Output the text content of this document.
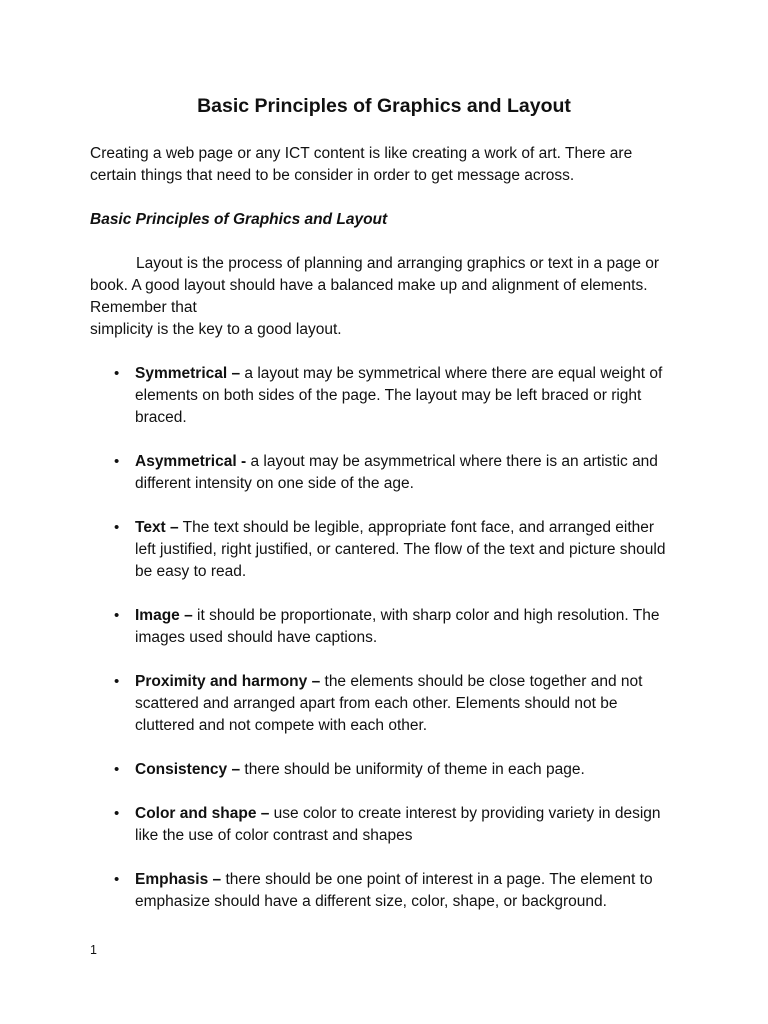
Basic Principles of Graphics and Layout

Creating a web page or any ICT content is like creating a work of art. There are certain things that need to be consider in order to get message across.

Basic Principles of Graphics and Layout

Layout is the process of planning and arranging graphics or text in a page or book. A good layout should have a balanced make up and alignment of elements. Remember that
simplicity is the key to a good layout.

• Symmetrical – a layout may be symmetrical where there are equal weight of elements on both sides of the page. The layout may be left braced or right braced.
• Asymmetrical - a layout may be asymmetrical where there is an artistic and different intensity on one side of the age.
• Text – The text should be legible, appropriate font face, and arranged either left justified, right justified, or cantered. The flow of the text and picture should be easy to read.
• Image – it should be proportionate, with sharp color and high resolution. The images used should have captions.
• Proximity and harmony – the elements should be close together and not scattered and arranged apart from each other. Elements should not be cluttered and not compete with each other.
• Consistency – there should be uniformity of theme in each page.
• Color and shape – use color to create interest by providing variety in design like the use of color contrast and shapes
• Emphasis – there should be one point of interest in a page. The element to emphasize should have a different size, color, shape, or background.
1
